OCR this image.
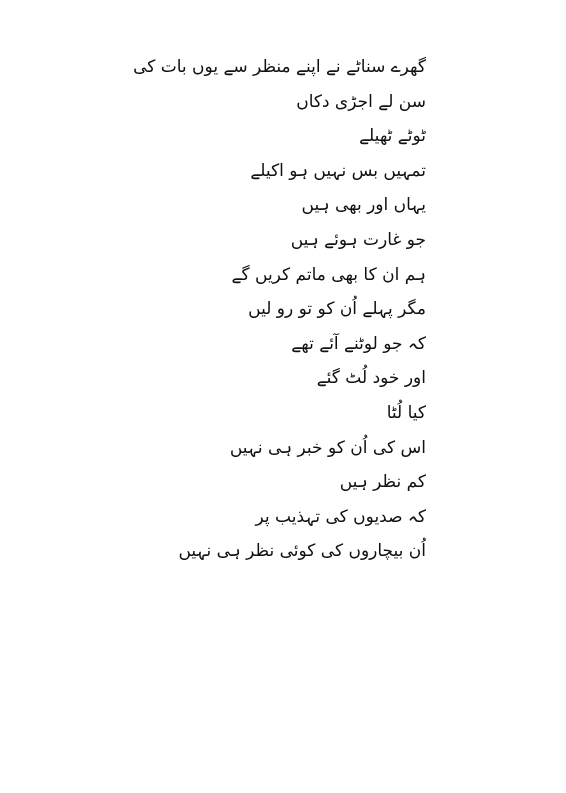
گھرے سناٹے نے اپنے منظر سے یوں بات کی
سن لے اجڑی دکاں
ٹوٹے ٹھیلے
تمہیں بس نہیں ہو اکیلے
یہاں اور بھی ہیں
جو غارت ہوئے ہیں
ہم ان کا بھی ماتم کریں گے
مگر پہلے اُن کو تو رو لیں
کہ جو لوٹنے آئے تھے
اور خود لُٹ گئے
کیا لُٹا
اس کی اُن کو خبر ہی نہیں
کم نظر ہیں
کہ صدیوں کی تہذیب پر
اُن بیچاروں کی کوئی نظر ہی نہیں
